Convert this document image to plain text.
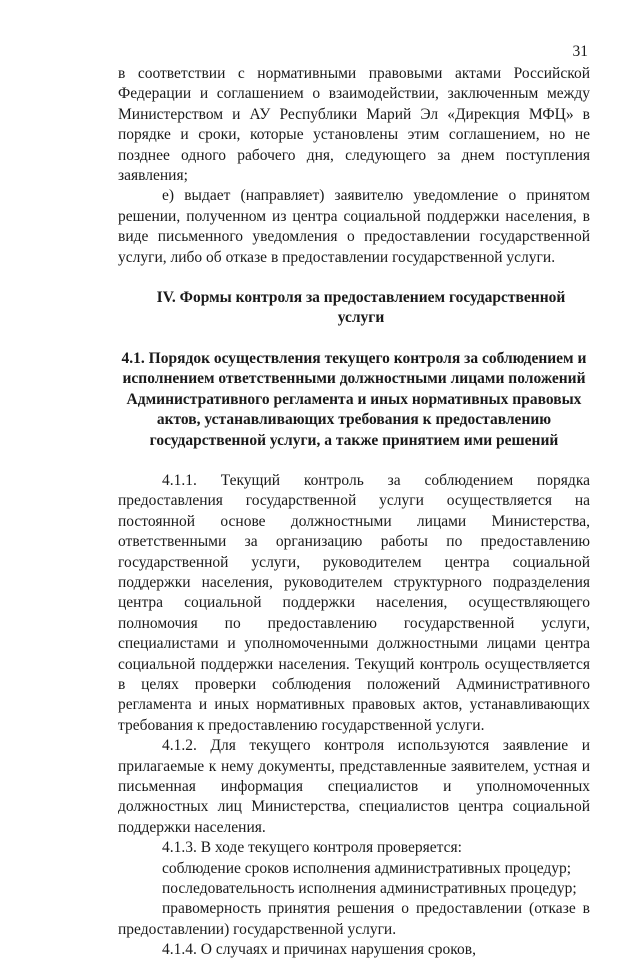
31

в соответствии с нормативными правовыми актами Российской Федерации и соглашением о взаимодействии, заключенным между Министерством и АУ Республики Марий Эл «Дирекция МФЦ» в порядке и сроки, которые установлены этим соглашением, но не позднее одного рабочего дня, следующего за днем поступления заявления;

е) выдает (направляет) заявителю уведомление о принятом решении, полученном из центра социальной поддержки населения, в виде письменного уведомления о предоставлении государственной услуги, либо об отказе в предоставлении государственной услуги.

IV. Формы контроля за предоставлением государственной услуги
4.1. Порядок осуществления текущего контроля за соблюдением и исполнением ответственными должностными лицами положений Административного регламента и иных нормативных правовых актов, устанавливающих требования к предоставлению государственной услуги, а также принятием ими решений

4.1.1. Текущий контроль за соблюдением порядка предоставления государственной услуги осуществляется на постоянной основе должностными лицами Министерства, ответственными за организацию работы по предоставлению государственной услуги, руководителем центра социальной поддержки населения, руководителем структурного подразделения центра социальной поддержки населения, осуществляющего полномочия по предоставлению государственной услуги, специалистами и уполномоченными должностными лицами центра социальной поддержки населения. Текущий контроль осуществляется в целях проверки соблюдения положений Административного регламента и иных нормативных правовых актов, устанавливающих требования к предоставлению государственной услуги.

4.1.2. Для текущего контроля используются заявление и прилагаемые к нему документы, представленные заявителем, устная и письменная информация специалистов и уполномоченных должностных лиц Министерства, специалистов центра социальной поддержки населения.

4.1.3. В ходе текущего контроля проверяется:

соблюдение сроков исполнения административных процедур;

последовательность исполнения административных процедур;

правомерность принятия решения о предоставлении (отказе в предоставлении) государственной услуги.

4.1.4. О случаях и причинах нарушения сроков,
